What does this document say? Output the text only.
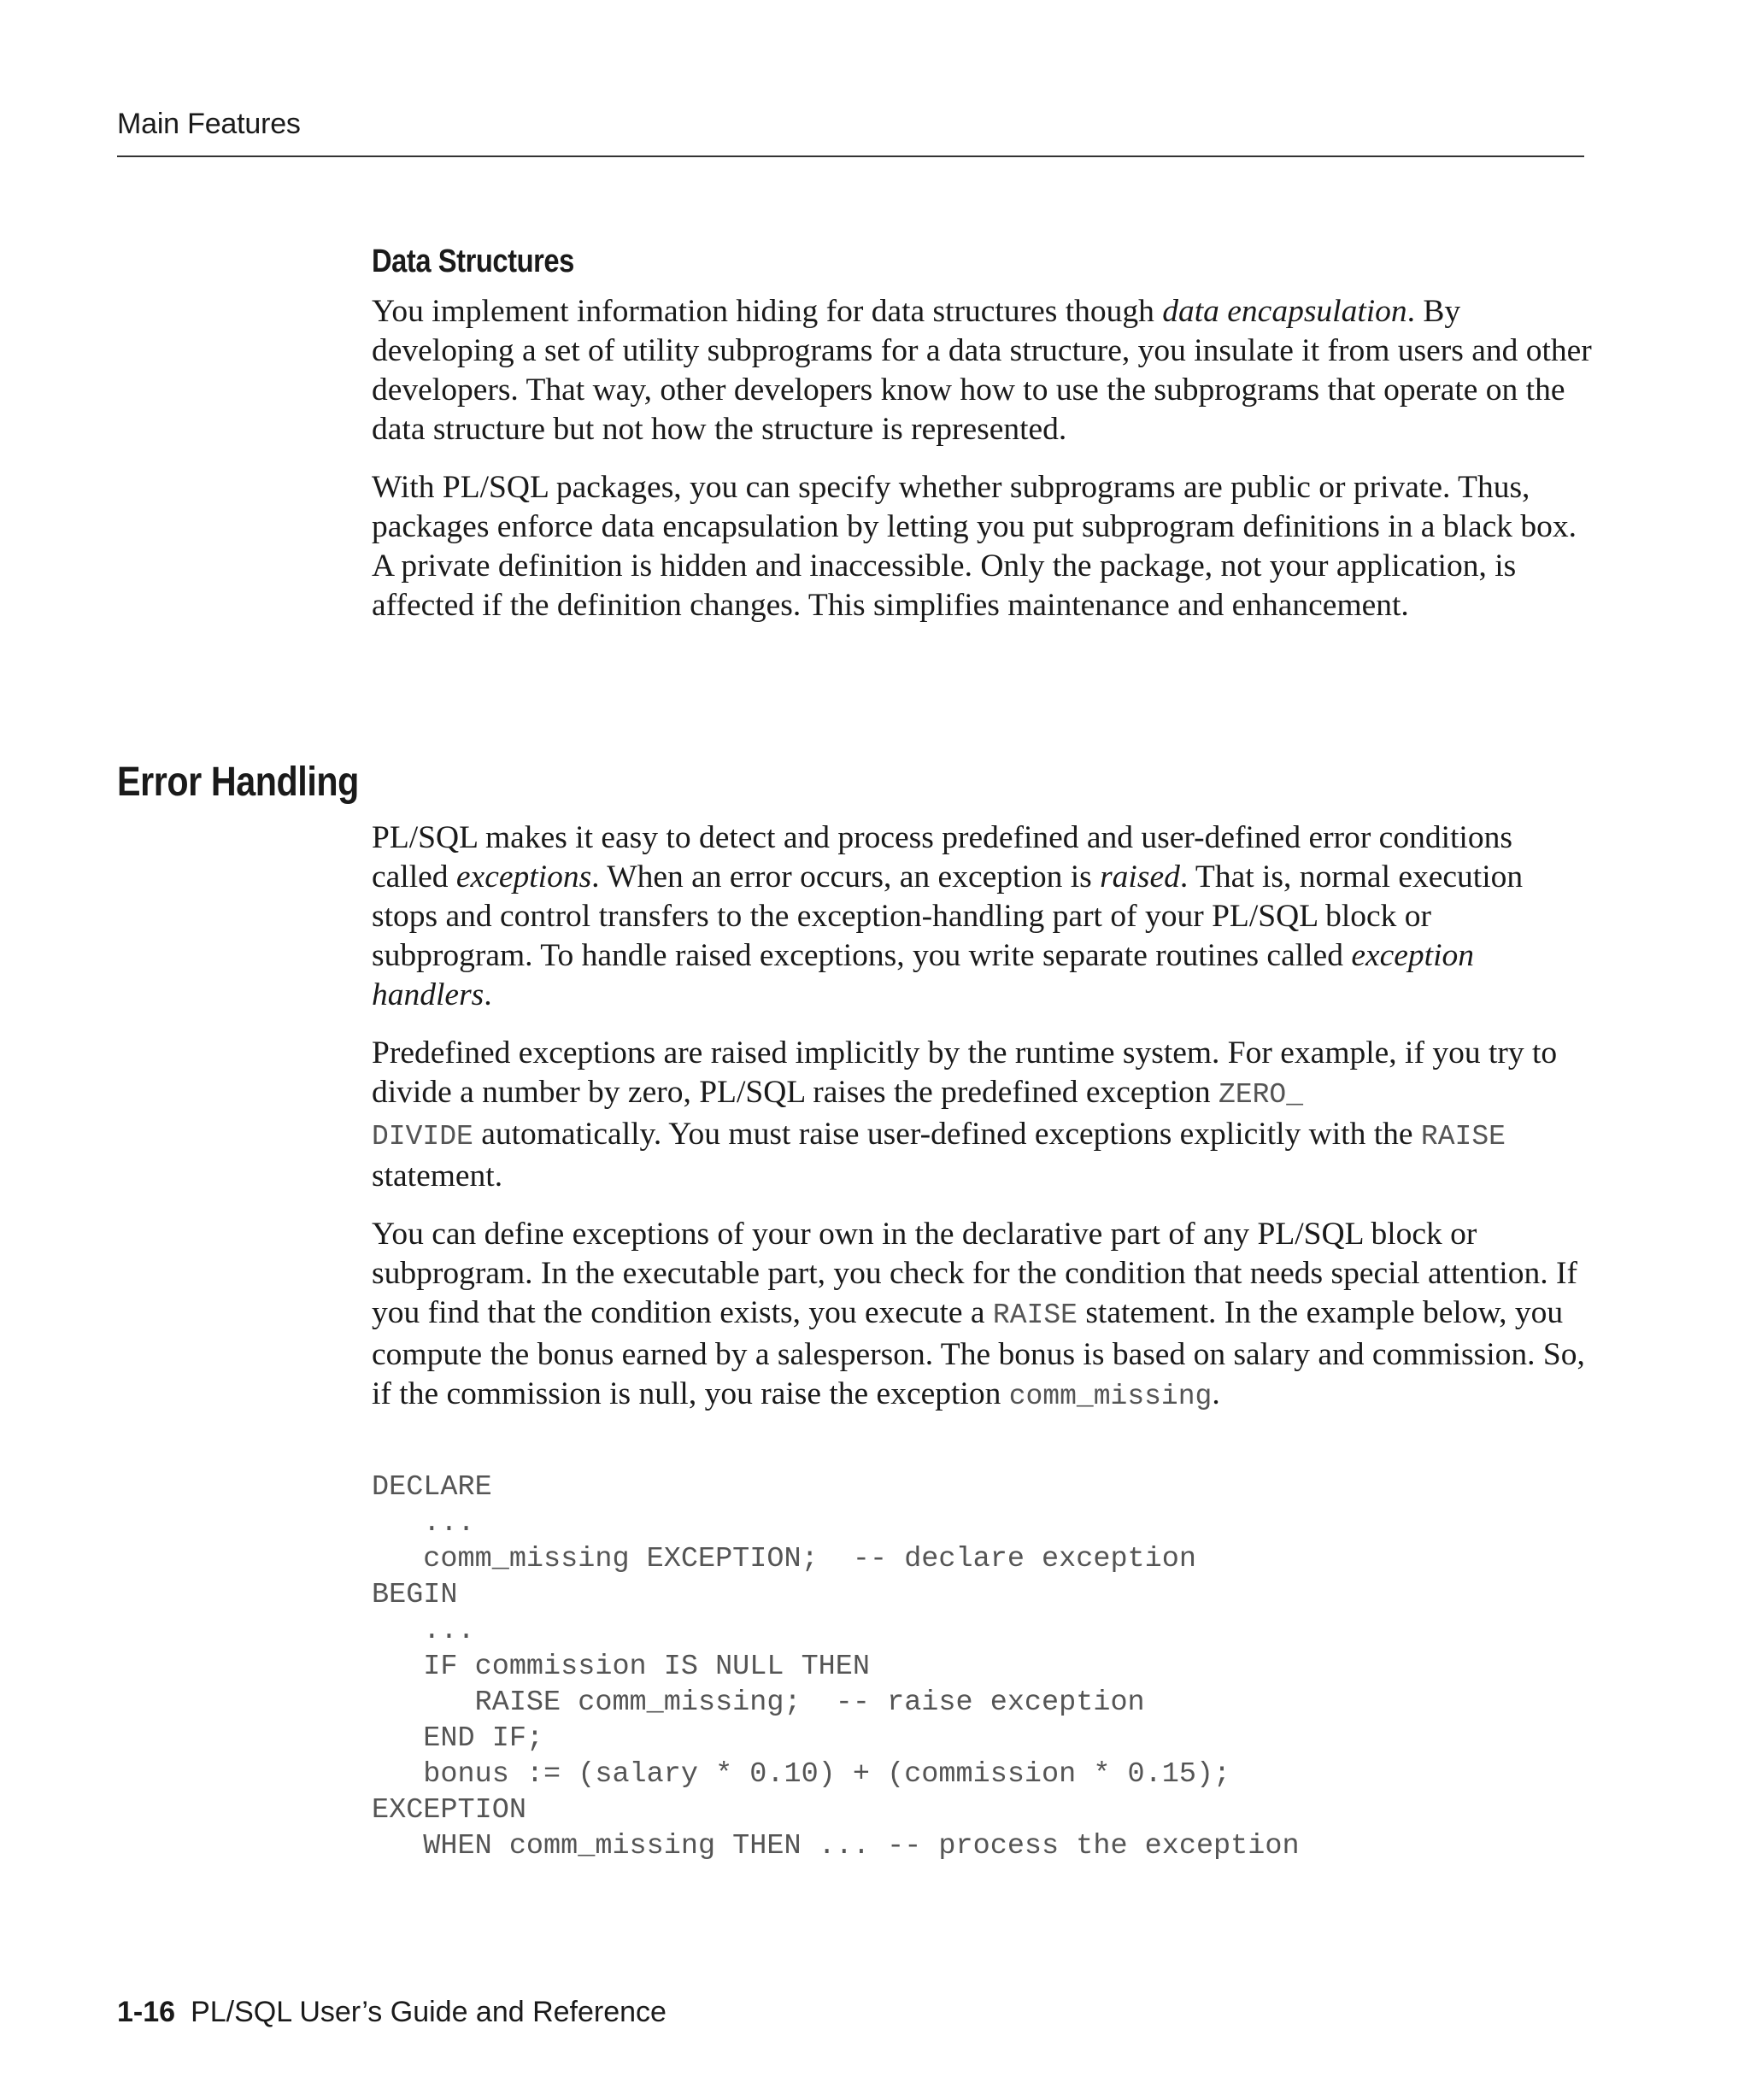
Main Features
Data Structures

You implement information hiding for data structures though data encapsulation. By developing a set of utility subprograms for a data structure, you insulate it from users and other developers. That way, other developers know how to use the subprograms that operate on the data structure but not how the structure is represented.

With PL/SQL packages, you can specify whether subprograms are public or private. Thus, packages enforce data encapsulation by letting you put subprogram definitions in a black box. A private definition is hidden and inaccessible. Only the package, not your application, is affected if the definition changes. This simplifies maintenance and enhancement.

Error Handling

PL/SQL makes it easy to detect and process predefined and user-defined error conditions called exceptions. When an error occurs, an exception is raised. That is, normal execution stops and control transfers to the exception-handling part of your PL/SQL block or subprogram. To handle raised exceptions, you write separate routines called exception handlers.

Predefined exceptions are raised implicitly by the runtime system. For example, if you try to divide a number by zero, PL/SQL raises the predefined exception ZERO_
DIVIDE automatically. You must raise user-defined exceptions explicitly with the RAISE statement.

You can define exceptions of your own in the declarative part of any PL/SQL block or subprogram. In the executable part, you check for the condition that needs special attention. If you find that the condition exists, you execute a RAISE statement. In the example below, you compute the bonus earned by a salesperson. The bonus is based on salary and commission. So, if the commission is null, you raise the exception comm_missing.

DECLARE
...
comm_missing EXCEPTION;  -- declare exception
BEGIN
...
IF commission IS NULL THEN
RAISE comm_missing;  -- raise exception
END IF;
bonus := (salary * 0.10) + (commission * 0.15);
EXCEPTION
WHEN comm_missing THEN ... -- process the exception
1-16 PL/SQL User’s Guide and Reference
